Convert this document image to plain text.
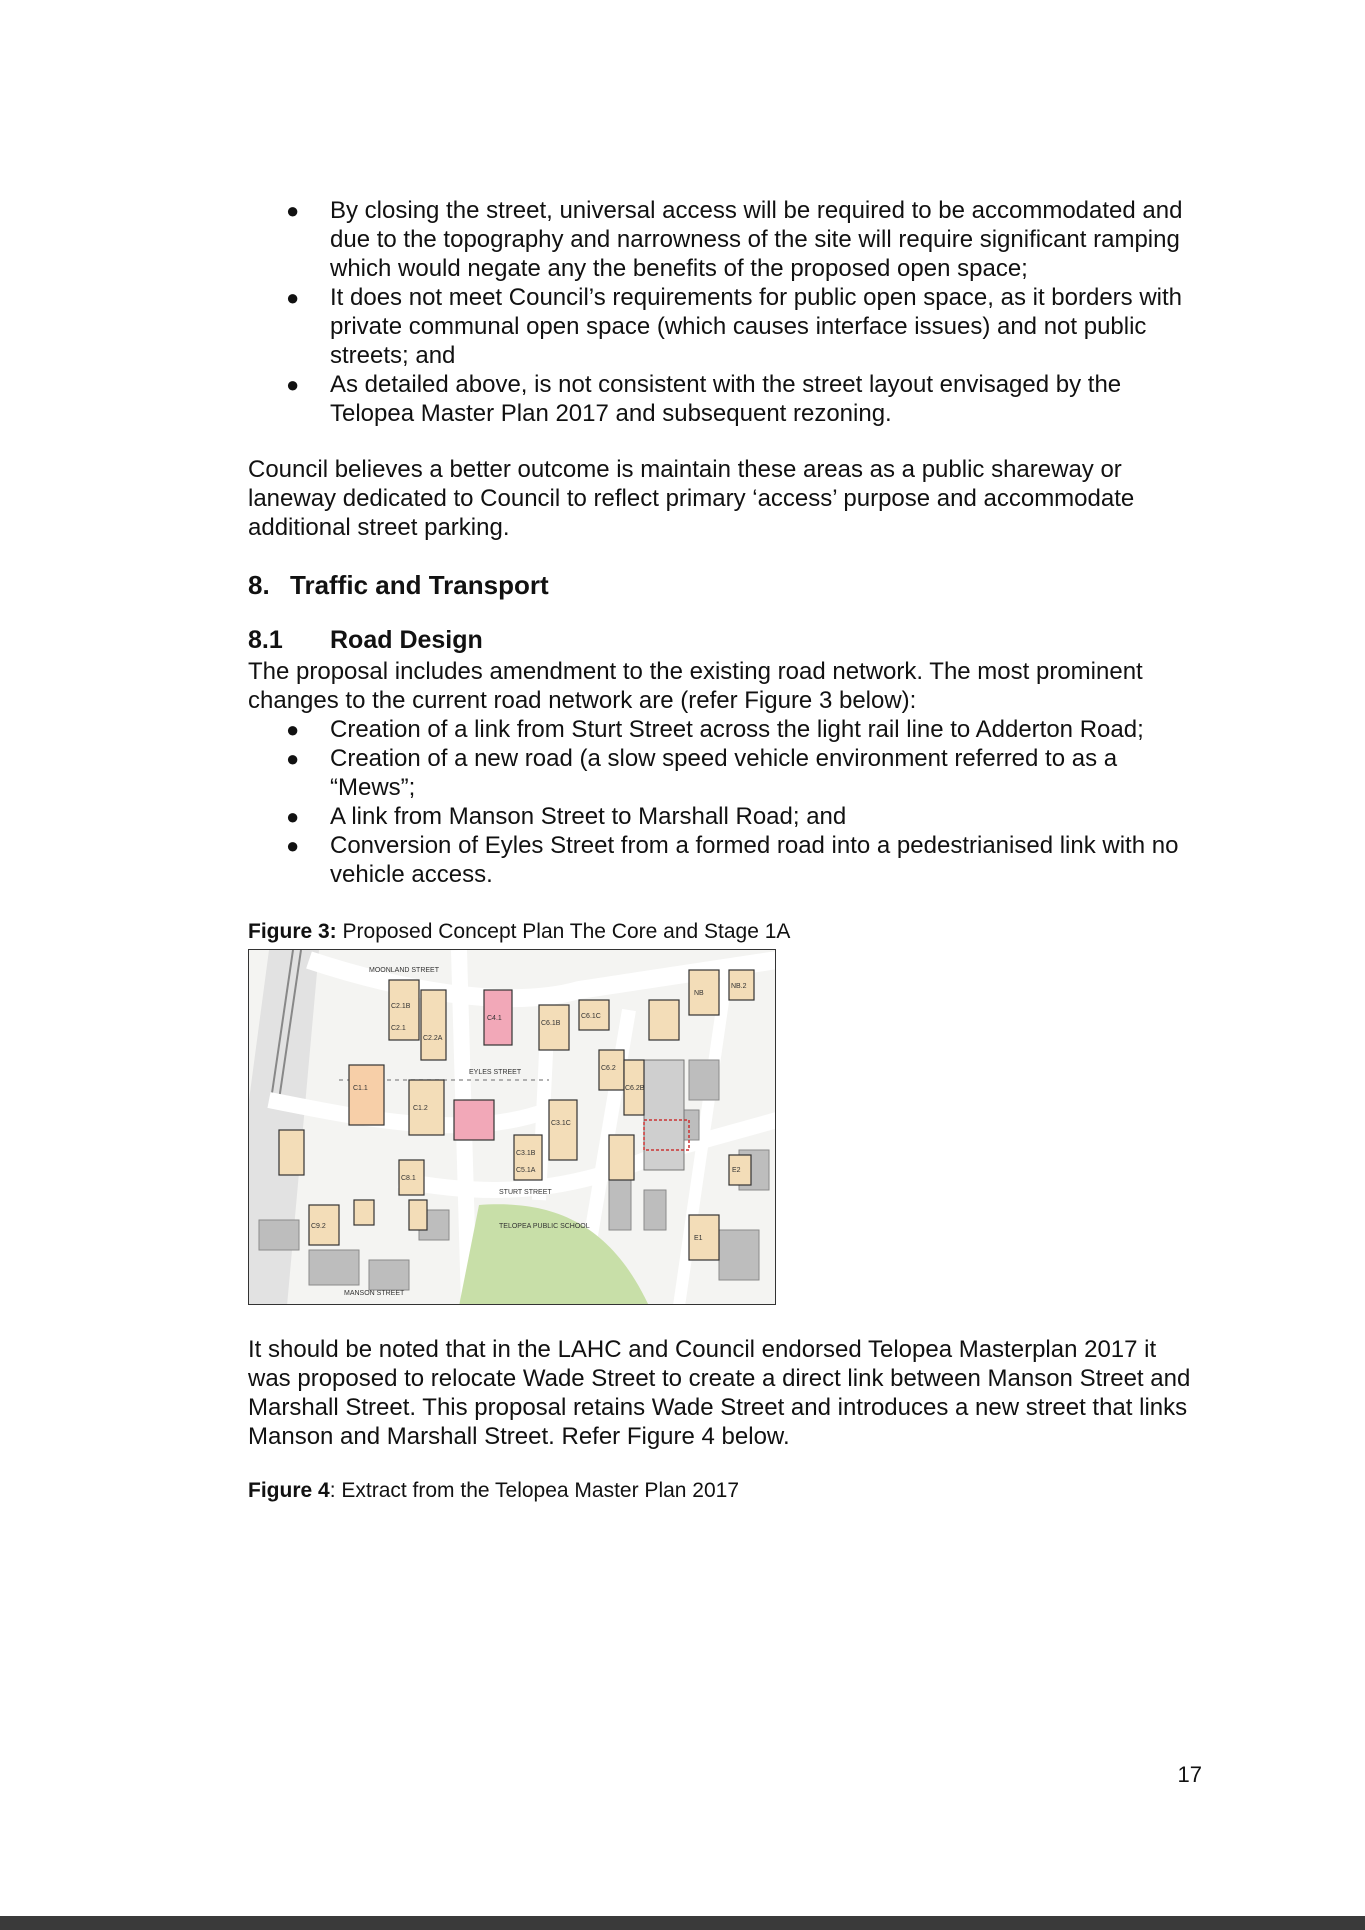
● By closing the street, universal access will be required to be accommodated and due to the topography and narrowness of the site will require significant ramping which would negate any the benefits of the proposed open space;
● It does not meet Council’s requirements for public open space, as it borders with private communal open space (which causes interface issues) and not public streets; and
● As detailed above, is not consistent with the street layout envisaged by the Telopea Master Plan 2017 and subsequent rezoning.

Council believes a better outcome is maintain these areas as a public shareway or laneway dedicated to Council to reflect primary ‘access’ purpose and accommodate additional street parking.

8. Traffic and Transport
8.1 Road Design

The proposal includes amendment to the existing road network. The most prominent changes to the current road network are (refer Figure 3 below):

● Creation of a link from Sturt Street across the light rail line to Adderton Road;
● Creation of a new road (a slow speed vehicle environment referred to as a “Mews”;
● A link from Manson Street to Marshall Road; and
● Conversion of Eyles Street from a formed road into a pedestrianised link with no vehicle access.

Figure 3: Proposed Concept Plan The Core and Stage 1A

MOONLAND STREET
EYLES STREET
STURT STREET
MANSON STREET
TELOPEA PUBLIC SCHOOL
C2.1B
C2.1
C2.2A
C4.1
C6.1B
C6.1C
C1.1
C1.2
C3.1C
C3.1B
C5.1A
C6.2
C6.2B
C8.1
C9.2
E1
E2
NB
NB.2

It should be noted that in the LAHC and Council endorsed Telopea Masterplan 2017 it was proposed to relocate Wade Street to create a direct link between Manson Street and Marshall Street. This proposal retains Wade Street and introduces a new street that links Manson and Marshall Street. Refer Figure 4 below.

Figure 4: Extract from the Telopea Master Plan 2017

17
